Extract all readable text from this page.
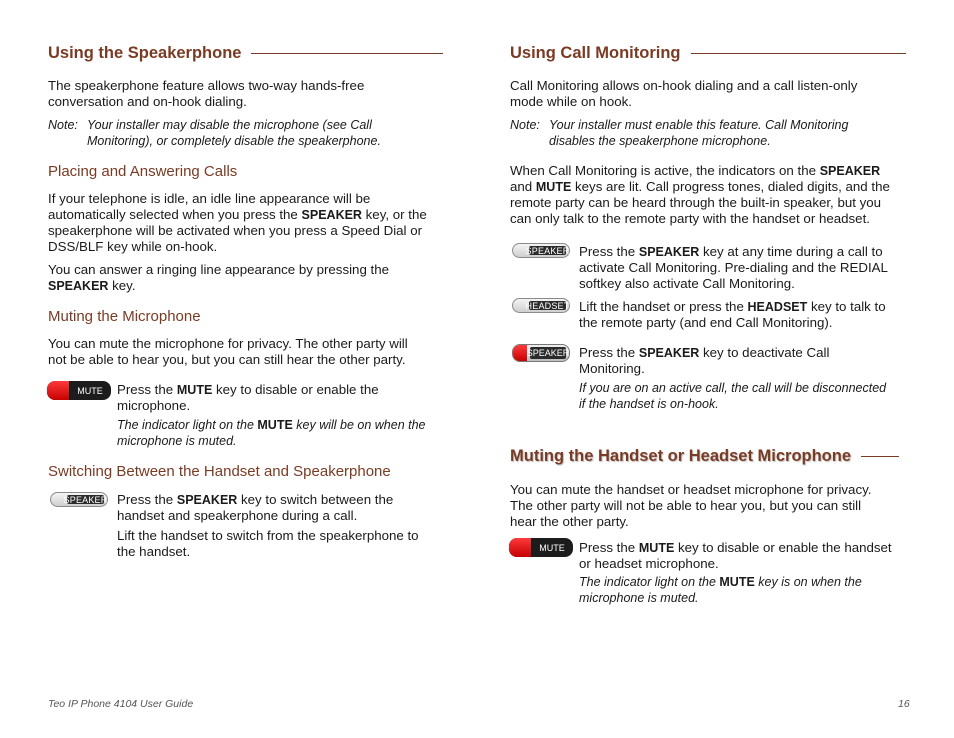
Using the Speakerphone
The speakerphone feature allows two-way hands-free
conversation and on-hook dialing.
Note: Your installer may disable the microphone (see Call
Monitoring), or completely disable the speakerphone.
Placing and Answering Calls
If your telephone is idle, an idle line appearance will be
automatically selected when you press the SPEAKER key, or the
speakerphone will be activated when you press a Speed Dial or
DSS/BLF key while on-hook.
You can answer a ringing line appearance by pressing the
SPEAKER key.
Muting the Microphone
You can mute the microphone for privacy. The other party will
not be able to hear you, but you can still hear the other party.
MUTE	Press the MUTE key to disable or enable the
microphone.
The indicator light on the MUTE key will be on when the
microphone is muted.
Switching Between the Handset and Speakerphone
SPEAKER Press the SPEAKER key to switch between the
handset and speakerphone during a call.
Lift the handset to switch from the speakerphone to
the handset.
Using Call Monitoring
Call Monitoring allows on-hook dialing and a call listen-only
mode while on hook.
Note: Your installer must enable this feature. Call Monitoring
disables the speakerphone microphone.
When Call Monitoring is active, the indicators on the SPEAKER
and MUTE keys are lit. Call progress tones, dialed digits, and the
remote party can be heard through the built-in speaker, but you
can only talk to the remote party with the handset or headset.
SPEAKER Press the SPEAKER key at any time during a call to
activate Call Monitoring. Pre-dialing and the REDIAL
softkey also activate Call Monitoring.
HEADSET Lift the handset or press the HEADSET key to talk to
the remote party (and end Call Monitoring).
SPEAKER Press the SPEAKER key to deactivate Call
Monitoring.
If you are on an active call, the call will be disconnected
if the handset is on-hook.
Muting the Handset or Headset Microphone
You can mute the handset or headset microphone for privacy.
The other party will not be able to hear you, but you can still
hear the other party.
MUTE	Press the MUTE key to disable or enable the handset
or headset microphone.
The indicator light on the MUTE key is on when the
microphone is muted.
Teo IP Phone 4104 User Guide	16
